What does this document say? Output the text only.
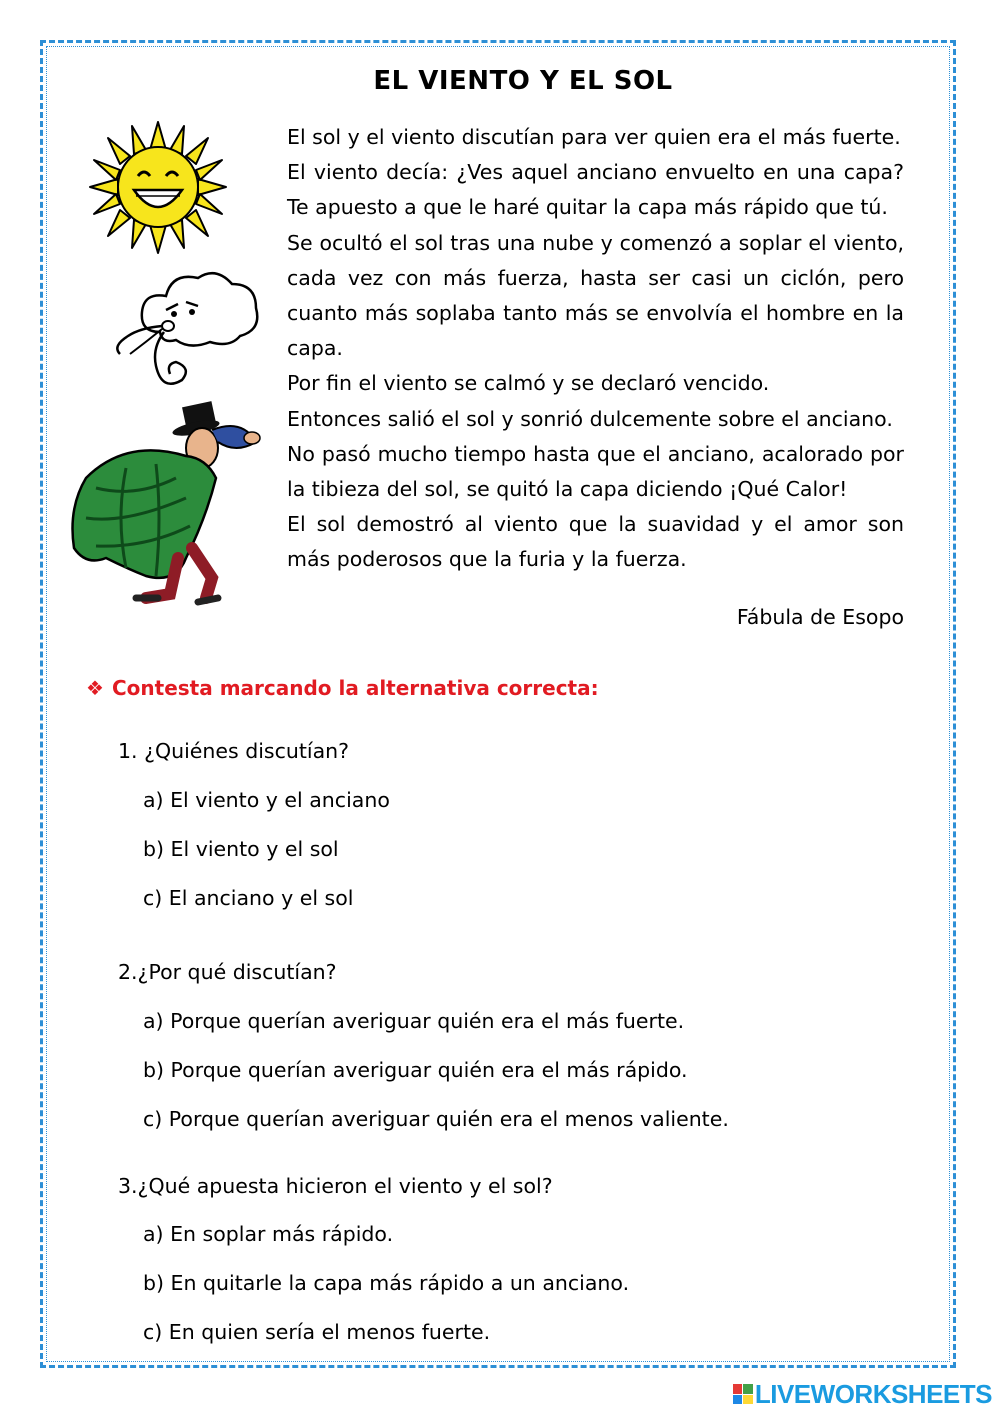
EL VIENTO Y EL SOL

El sol y el viento discutían para ver quien era el más fuerte.

El viento decía: ¿Ves aquel anciano envuelto en una capa? Te apuesto a que le haré quitar la capa más rápido que tú.

Se ocultó el sol tras una nube y comenzó a soplar el viento, cada vez con más fuerza, hasta ser casi un ciclón, pero cuanto más soplaba tanto más se envolvía el hombre en la capa.

Por fin el viento se calmó y se declaró vencido.

Entonces salió el sol y sonrió dulcemente sobre el anciano.

No pasó mucho tiempo hasta que el anciano, acalorado por la tibieza del sol, se quitó la capa diciendo ¡Qué Calor!

El sol demostró al viento que la suavidad y el amor son más poderosos que la furia y la fuerza.

Fábula de Esopo
❖ Contesta marcando la alternativa correcta:
1. ¿Quiénes discutían?
a) El viento y el anciano
b) El viento y el sol
c) El anciano y el sol
2.¿Por qué discutían?
a) Porque querían averiguar quién era el más fuerte.
b) Porque querían averiguar quién era el más rápido.
c) Porque querían averiguar quién era el menos valiente.
3.¿Qué apuesta hicieron el viento y el sol?
a) En soplar más rápido.
b) En quitarle la capa más rápido a un anciano.
c) En quien sería el menos fuerte.
LIVEWORKSHEETS
